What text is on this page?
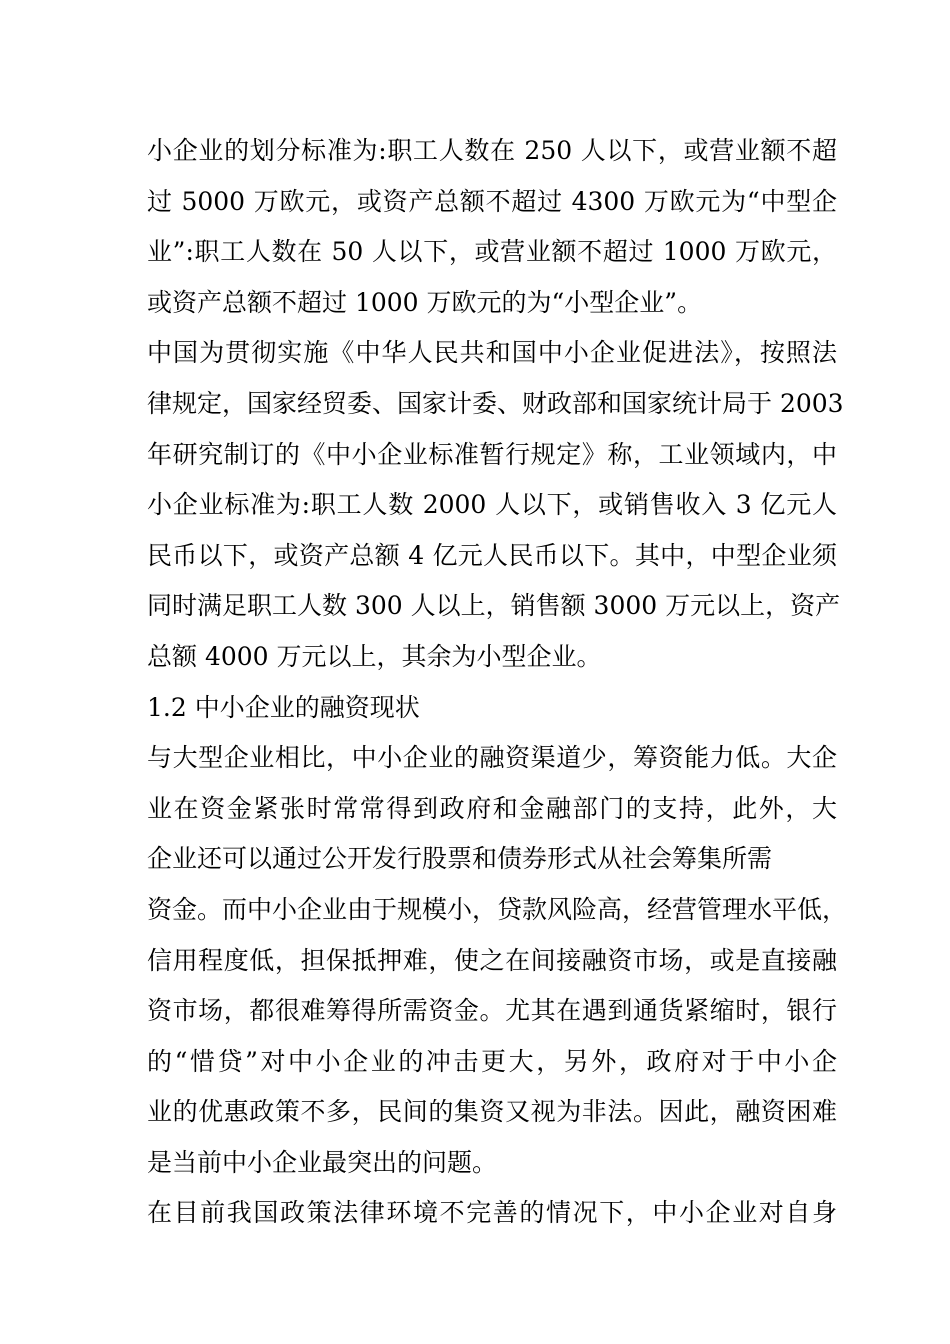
小企业的划分标准为:职工人数在 250 人以下，或营业额不超
过 5000 万欧元，或资产总额不超过 4300 万欧元为“中型企
业”:职工人数在 50 人以下，或营业额不超过 1000 万欧元，
或资产总额不超过 1000 万欧元的为“小型企业”。
中国为贯彻实施《中华人民共和国中小企业促进法》，按照法
律规定，国家经贸委、国家计委、财政部和国家统计局于 2003
年研究制订的《中小企业标准暂行规定》称，工业领域内，中
小企业标准为:职工人数 2000 人以下，或销售收入 3 亿元人
民币以下，或资产总额 4 亿元人民币以下。其中，中型企业须
同时满足职工人数 300 人以上，销售额 3000 万元以上，资产
总额 4000 万元以上，其余为小型企业。
1.2 中小企业的融资现状
与大型企业相比，中小企业的融资渠道少，筹资能力低。大企
业在资金紧张时常常得到政府和金融部门的支持，此外，大
企业还可以通过公开发行股票和债券形式从社会筹集所需
资金。而中小企业由于规模小，贷款风险高，经营管理水平低，
信用程度低，担保抵押难，使之在间接融资市场，或是直接融
资市场，都很难筹得所需资金。尤其在遇到通货紧缩时，银行
的“惜贷”对中小企业的冲击更大，另外，政府对于中小企
业的优惠政策不多，民间的集资又视为非法。因此，融资困难
是当前中小企业最突出的问题。
在目前我国政策法律环境不完善的情况下，中小企业对自身
